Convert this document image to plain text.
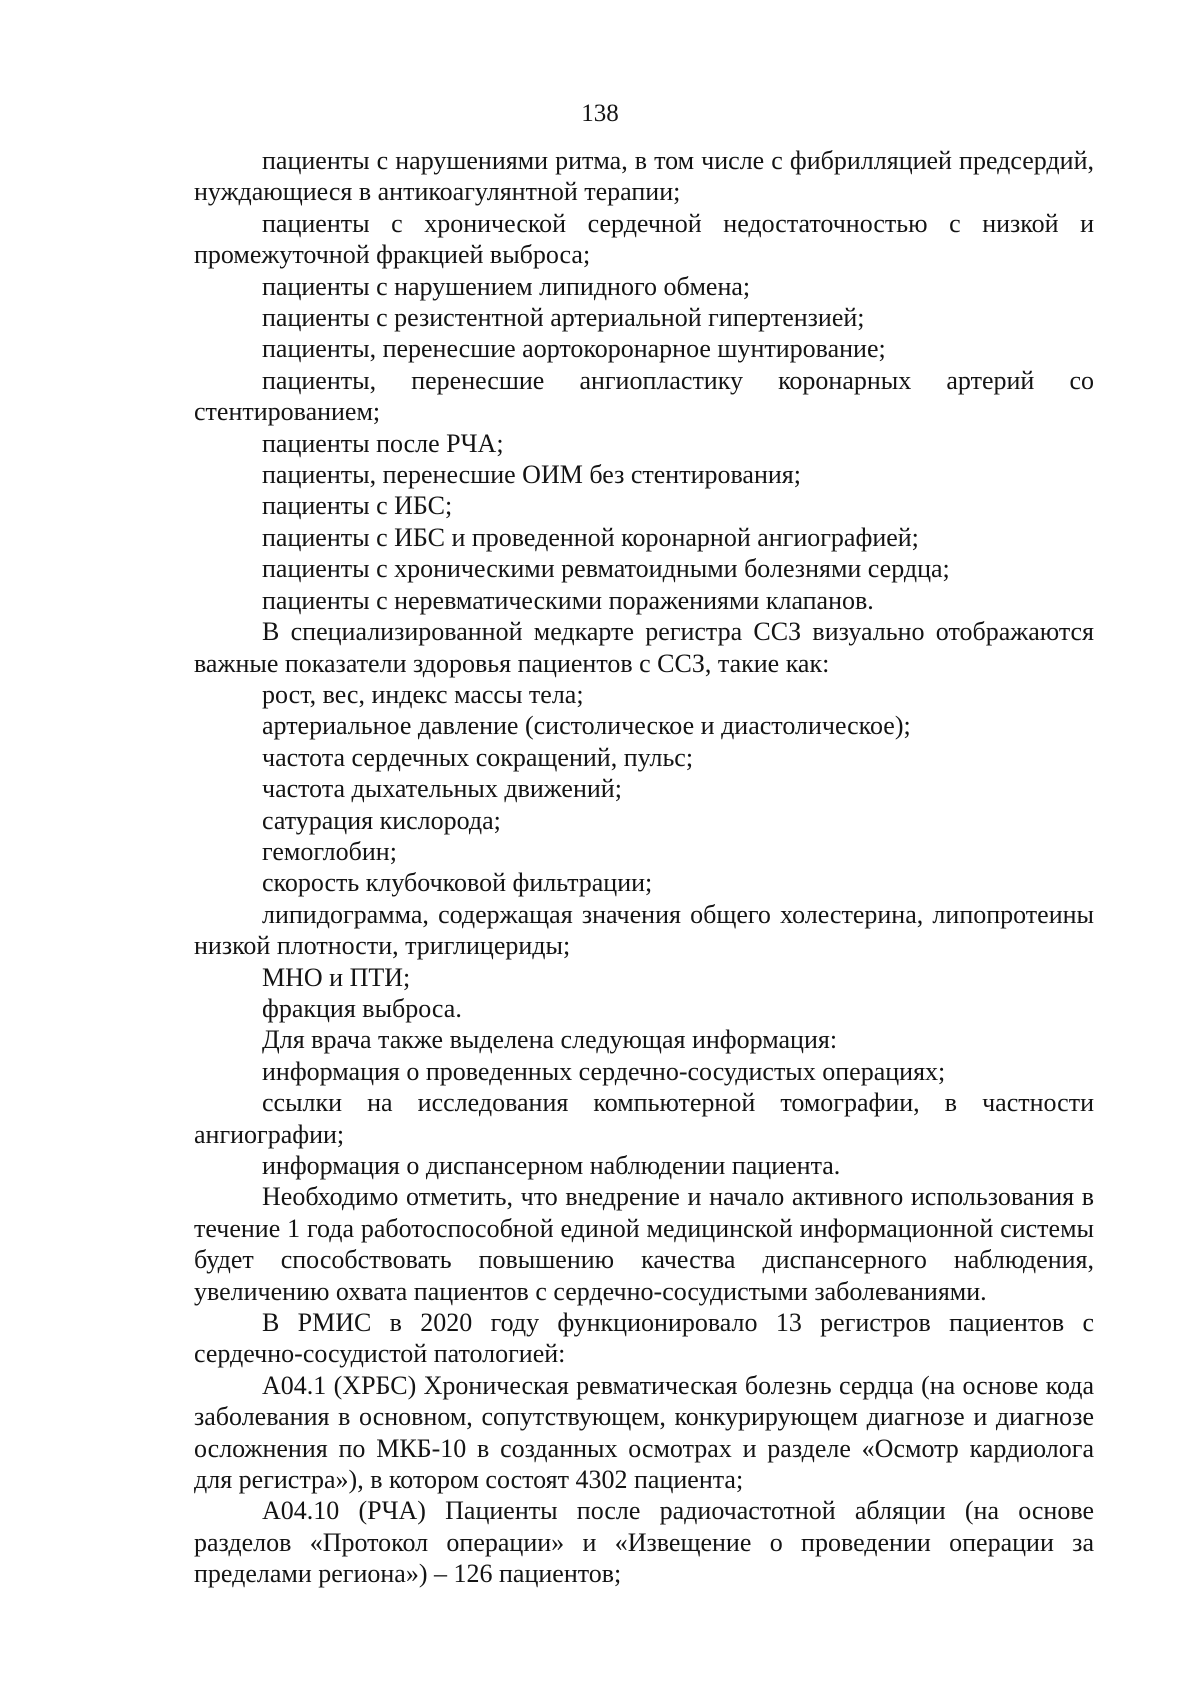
138

пациенты с нарушениями ритма, в том числе с фибрилляцией предсердий, нуждающиеся в антикоагулянтной терапии;

пациенты с хронической сердечной недостаточностью с низкой и промежуточной фракцией выброса;

пациенты с нарушением липидного обмена;

пациенты с резистентной артериальной гипертензией;

пациенты, перенесшие аортокоронарное шунтирование;

пациенты, перенесшие ангиопластику коронарных артерий со стентированием;

пациенты после РЧА;

пациенты, перенесшие ОИМ без стентирования;

пациенты с ИБС;

пациенты с ИБС и проведенной коронарной ангиографией;

пациенты с хроническими ревматоидными болезнями сердца;

пациенты с неревматическими поражениями клапанов.

В специализированной медкарте регистра ССЗ визуально отображаются важные показатели здоровья пациентов с ССЗ, такие как:

рост, вес, индекс массы тела;

артериальное давление (систолическое и диастолическое);

частота сердечных сокращений, пульс;

частота дыхательных движений;

сатурация кислорода;

гемоглобин;

скорость клубочковой фильтрации;

липидограмма, содержащая значения общего холестерина, липопротеины низкой плотности, триглицериды;

МНО и ПТИ;

фракция выброса.

Для врача также выделена следующая информация:

информация о проведенных сердечно-сосудистых операциях;

ссылки на исследования компьютерной томографии, в частности ангиографии;

информация о диспансерном наблюдении пациента.

Необходимо отметить, что внедрение и начало активного использования в течение 1 года работоспособной единой медицинской информационной системы будет способствовать повышению качества диспансерного наблюдения, увеличению охвата пациентов с сердечно-сосудистыми заболеваниями.

В РМИС в 2020 году функционировало 13 регистров пациентов с сердечно-сосудистой патологией:

А04.1 (ХРБС) Хроническая ревматическая болезнь сердца (на основе кода заболевания в основном, сопутствующем, конкурирующем диагнозе и диагнозе осложнения по МКБ-10 в созданных осмотрах и разделе «Осмотр кардиолога для регистра»), в котором состоят 4302 пациента;

А04.10 (РЧА) Пациенты после радиочастотной абляции (на основе разделов «Протокол операции» и «Извещение о проведении операции за пределами региона») – 126 пациентов;
